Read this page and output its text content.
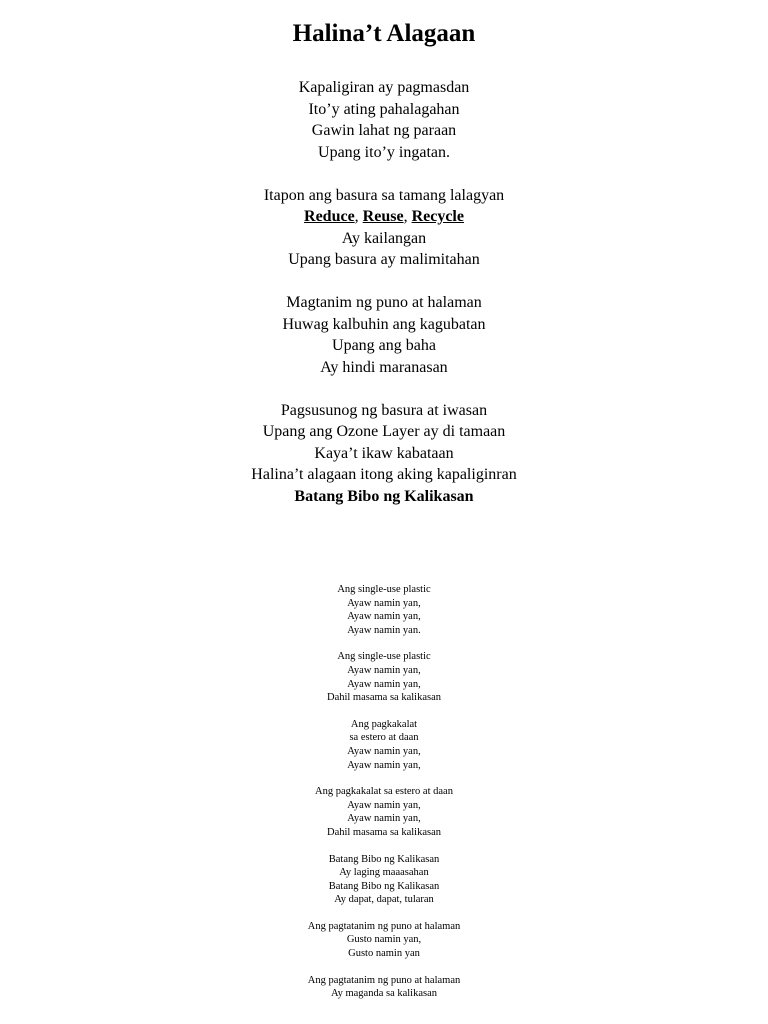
Halina’t Alagaan
Kapaligiran ay pagmasdan
Ito’y ating pahalagahan
Gawin lahat ng paraan
Upang ito’y ingatan.
Itapon ang basura sa tamang lalagyan
Reduce, Reuse, Recycle
Ay kailangan
Upang basura ay malimitahan
Magtanim ng puno at halaman
Huwag kalbuhin ang kagubatan
Upang ang baha
Ay hindi maranasan
Pagsusunog ng basura at iwasan
Upang ang Ozone Layer ay di tamaan
Kaya’t ikaw kabataan
Halina’t alagaan itong aking kapaliginran
Batang Bibo ng Kalikasan
Ang single-use plastic
Ayaw namin yan,
Ayaw namin yan,
Ayaw namin yan.
Ang single-use plastic
Ayaw namin yan,
Ayaw namin yan,
Dahil masama sa kalikasan
Ang pagkakalat
sa estero at daan
Ayaw namin yan,
Ayaw namin yan,
Ang pagkakalat sa estero at daan
Ayaw namin yan,
Ayaw namin yan,
Dahil masama sa kalikasan
Batang Bibo ng Kalikasan
Ay laging maaasahan
Batang Bibo ng Kalikasan
Ay dapat, dapat, tularan
Ang pagtatanim ng puno at halaman
Gusto namin yan,
Gusto namin yan
Ang pagtatanim ng puno at halaman
Ay maganda sa kalikasan
